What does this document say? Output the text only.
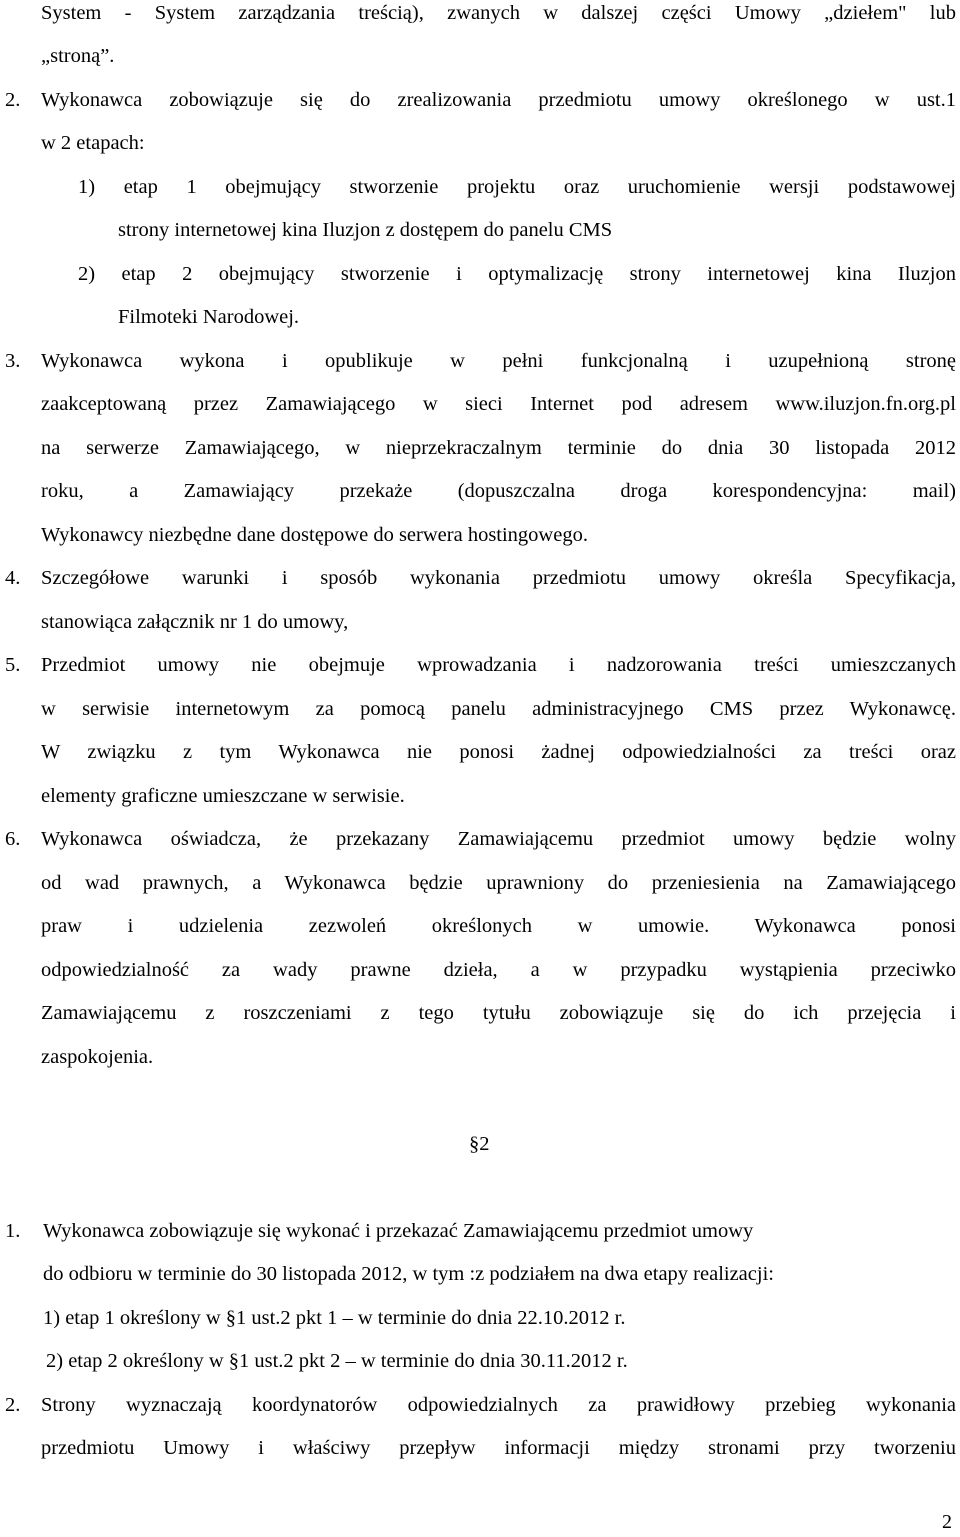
System - System zarządzania treścią), zwanych w dalszej części Umowy „dziełem" lub
„stroną”.
2. Wykonawca zobowiązuje się do zrealizowania przedmiotu umowy określonego w ust.1
w 2 etapach:
1) etap 1 obejmujący stworzenie projektu oraz uruchomienie wersji podstawowej
strony internetowej kina Iluzjon z dostępem do panelu CMS
2) etap 2 obejmujący stworzenie i optymalizację strony internetowej kina Iluzjon
Filmoteki Narodowej.
3. Wykonawca wykona i opublikuje w pełni funkcjonalną i uzupełnioną stronę
zaakceptowaną przez Zamawiającego w sieci Internet pod adresem www.iluzjon.fn.org.pl
na serwerze Zamawiającego, w nieprzekraczalnym terminie do dnia 30 listopada 2012
roku, a Zamawiający przekaże (dopuszczalna droga korespondencyjna: mail)
Wykonawcy niezbędne dane dostępowe do serwera hostingowego.
4. Szczegółowe warunki i sposób wykonania przedmiotu umowy określa Specyfikacja,
stanowiąca załącznik nr 1 do umowy,
5. Przedmiot umowy nie obejmuje wprowadzania i nadzorowania treści umieszczanych
w serwisie internetowym za pomocą panelu administracyjnego CMS przez Wykonawcę.
W związku z tym Wykonawca nie ponosi żadnej odpowiedzialności za treści oraz
elementy graficzne umieszczane w serwisie.
6. Wykonawca oświadcza, że przekazany Zamawiającemu przedmiot umowy będzie wolny
od wad prawnych, a Wykonawca będzie uprawniony do przeniesienia na Zamawiającego
praw i udzielenia zezwoleń określonych w umowie. Wykonawca ponosi
odpowiedzialność za wady prawne dzieła, a w przypadku wystąpienia przeciwko
Zamawiającemu z roszczeniami z tego tytułu zobowiązuje się do ich przejęcia i
zaspokojenia.
§2
1. Wykonawca zobowiązuje się wykonać i przekazać Zamawiającemu przedmiot umowy
do odbioru w terminie do 30 listopada 2012, w tym :z podziałem na dwa etapy realizacji:
1) etap 1 określony w §1 ust.2 pkt 1 – w terminie do dnia 22.10.2012 r.
2) etap 2 określony w §1 ust.2 pkt 2 – w terminie do dnia 30.11.2012 r.
2. Strony wyznaczają koordynatorów odpowiedzialnych za prawidłowy przebieg wykonania
przedmiotu Umowy i właściwy przepływ informacji między stronami przy tworzeniu
2
